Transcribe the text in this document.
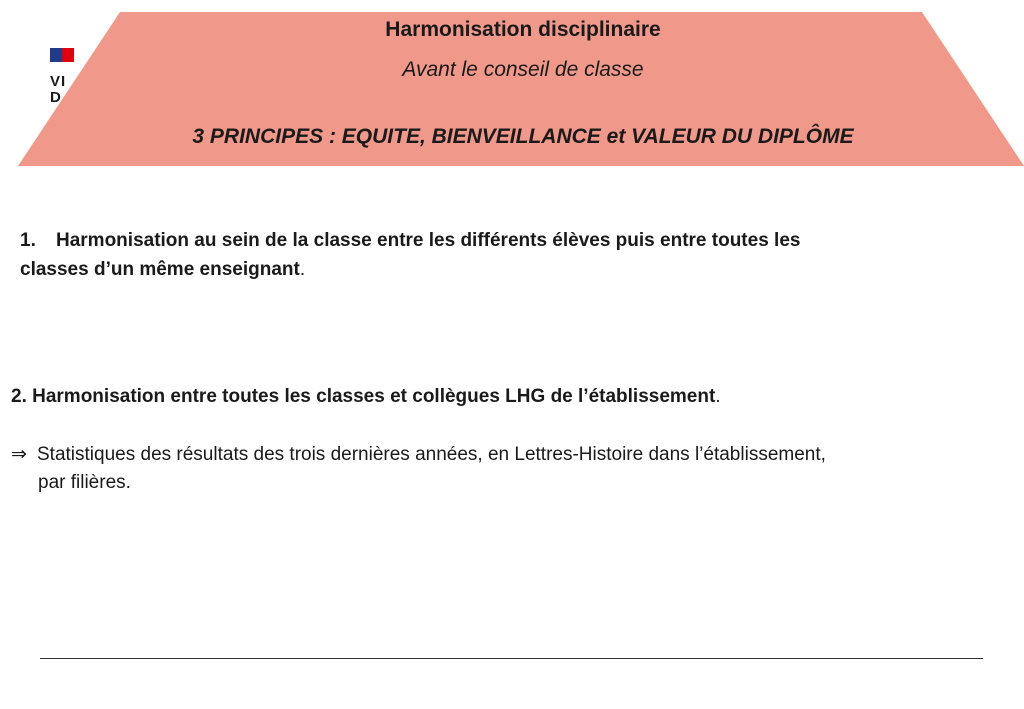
VI
D
Harmonisation disciplinaire
Avant le conseil de classe
3 PRINCIPES : EQUITE, BIENVEILLANCE et VALEUR DU DIPLÔME
1. Harmonisation au sein de la classe entre les différents élèves puis entre toutes les classes d’un même enseignant.
2. Harmonisation entre toutes les classes et collègues LHG de l’établissement.
⇒ Statistiques des résultats des trois dernières années, en Lettres-Histoire dans l’établissement,
par filières.
